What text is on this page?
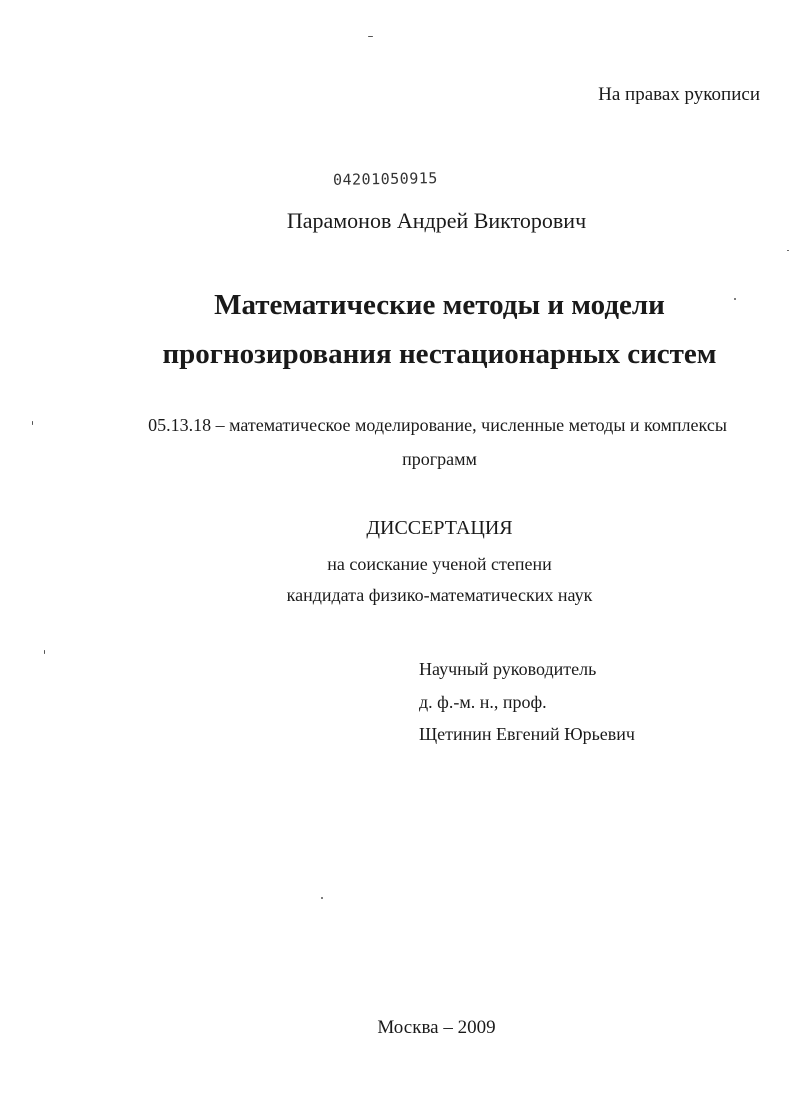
На правах рукописи
04201050915
Парамонов Андрей Викторович
Математические методы и модели
прогнозирования нестационарных систем
05.13.18 – математическое моделирование, численные методы и комплексы
программ
ДИССЕРТАЦИЯ
на соискание ученой степени
кандидата физико-математических наук
Научный руководитель
д. ф.-м. н., проф.
Щетинин Евгений Юрьевич
Москва – 2009
